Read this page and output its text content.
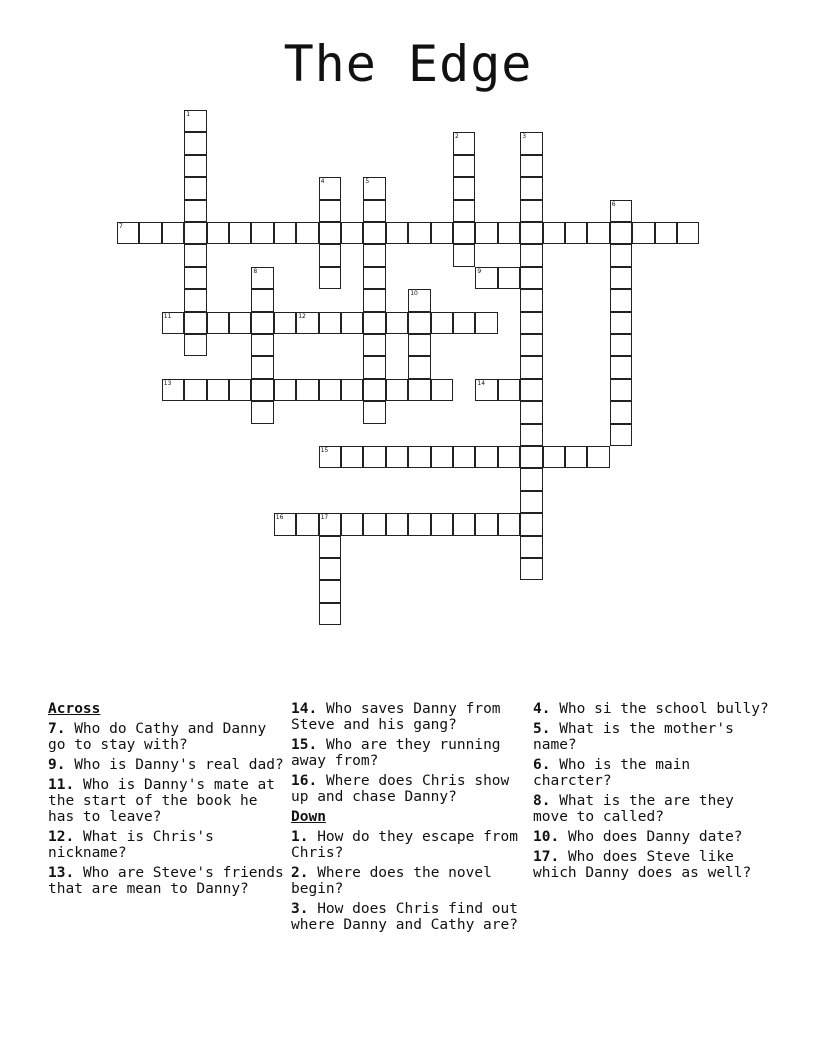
The Edge
1
2	3
4	5
6
7
8	9
10
11	12
13	14
15
16	17
Across
7. Who do Cathy and Danny go to stay with?
9. Who is Danny's real dad?
11. Who is Danny's mate at the start of the book he has to leave?
12. What is Chris's nickname?
13. Who are Steve's friends that are mean to Danny?
14. Who saves Danny from Steve and his gang?
15. Who are they running away from?
16. Where does Chris show up and chase Danny?
Down
1. How do they escape from Chris?
2. Where does the novel begin?
3. How does Chris find out where Danny and Cathy are?
4. Who si the school bully?
5. What is the mother's name?
6. Who is the main charcter?
8. What is the are they move to called?
10. Who does Danny date?
17. Who does Steve like which Danny does as well?
